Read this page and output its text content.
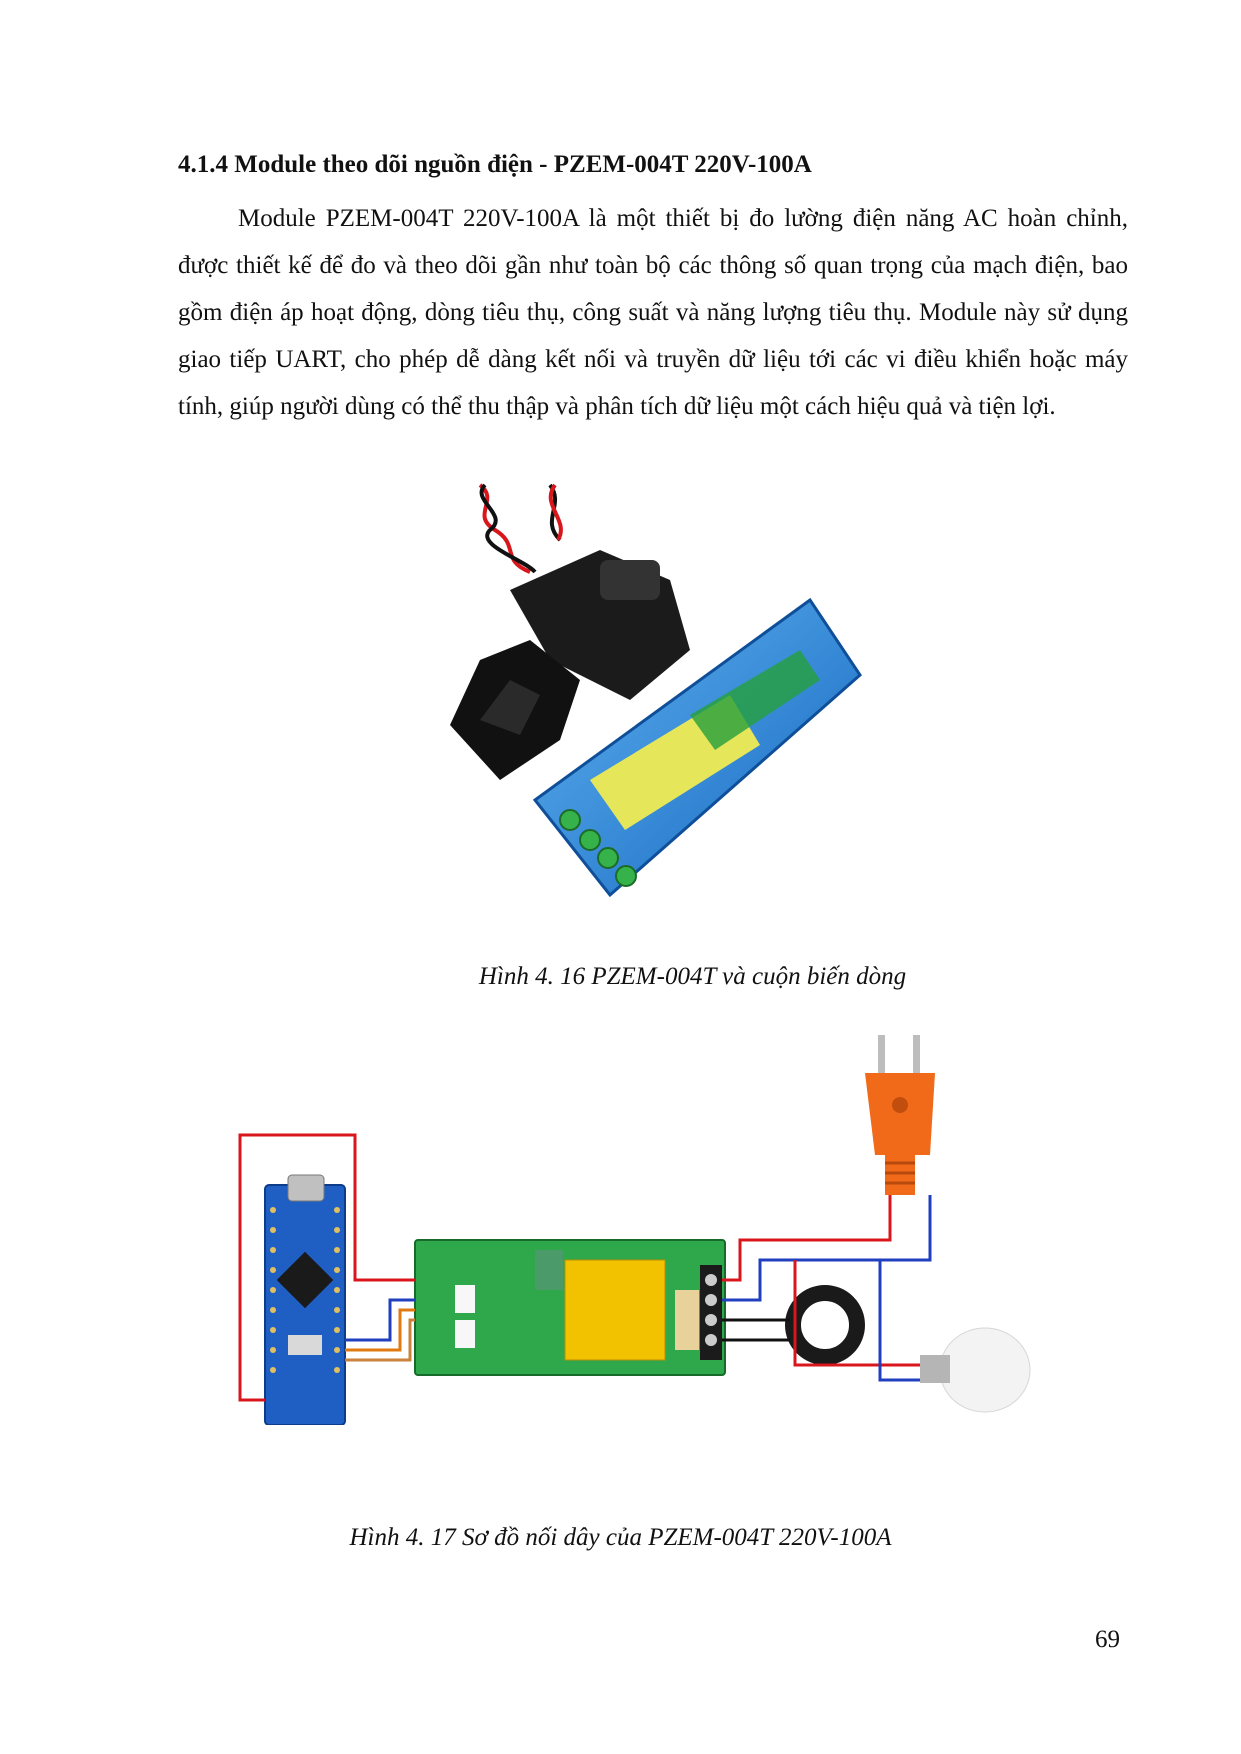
4.1.4 Module theo dõi nguồn điện - PZEM-004T 220V-100A

Module PZEM-004T 220V-100A là một thiết bị đo lường điện năng AC hoàn chỉnh, được thiết kế để đo và theo dõi gần như toàn bộ các thông số quan trọng của mạch điện, bao gồm điện áp hoạt động, dòng tiêu thụ, công suất và năng lượng tiêu thụ. Module này sử dụng giao tiếp UART, cho phép dễ dàng kết nối và truyền dữ liệu tới các vi điều khiển hoặc máy tính, giúp người dùng có thể thu thập và phân tích dữ liệu một cách hiệu quả và tiện lợi.

Hình 4. 16 PZEM-004T và cuộn biến dòng

Hình 4. 17 Sơ đồ nối dây của PZEM-004T 220V-100A

69
